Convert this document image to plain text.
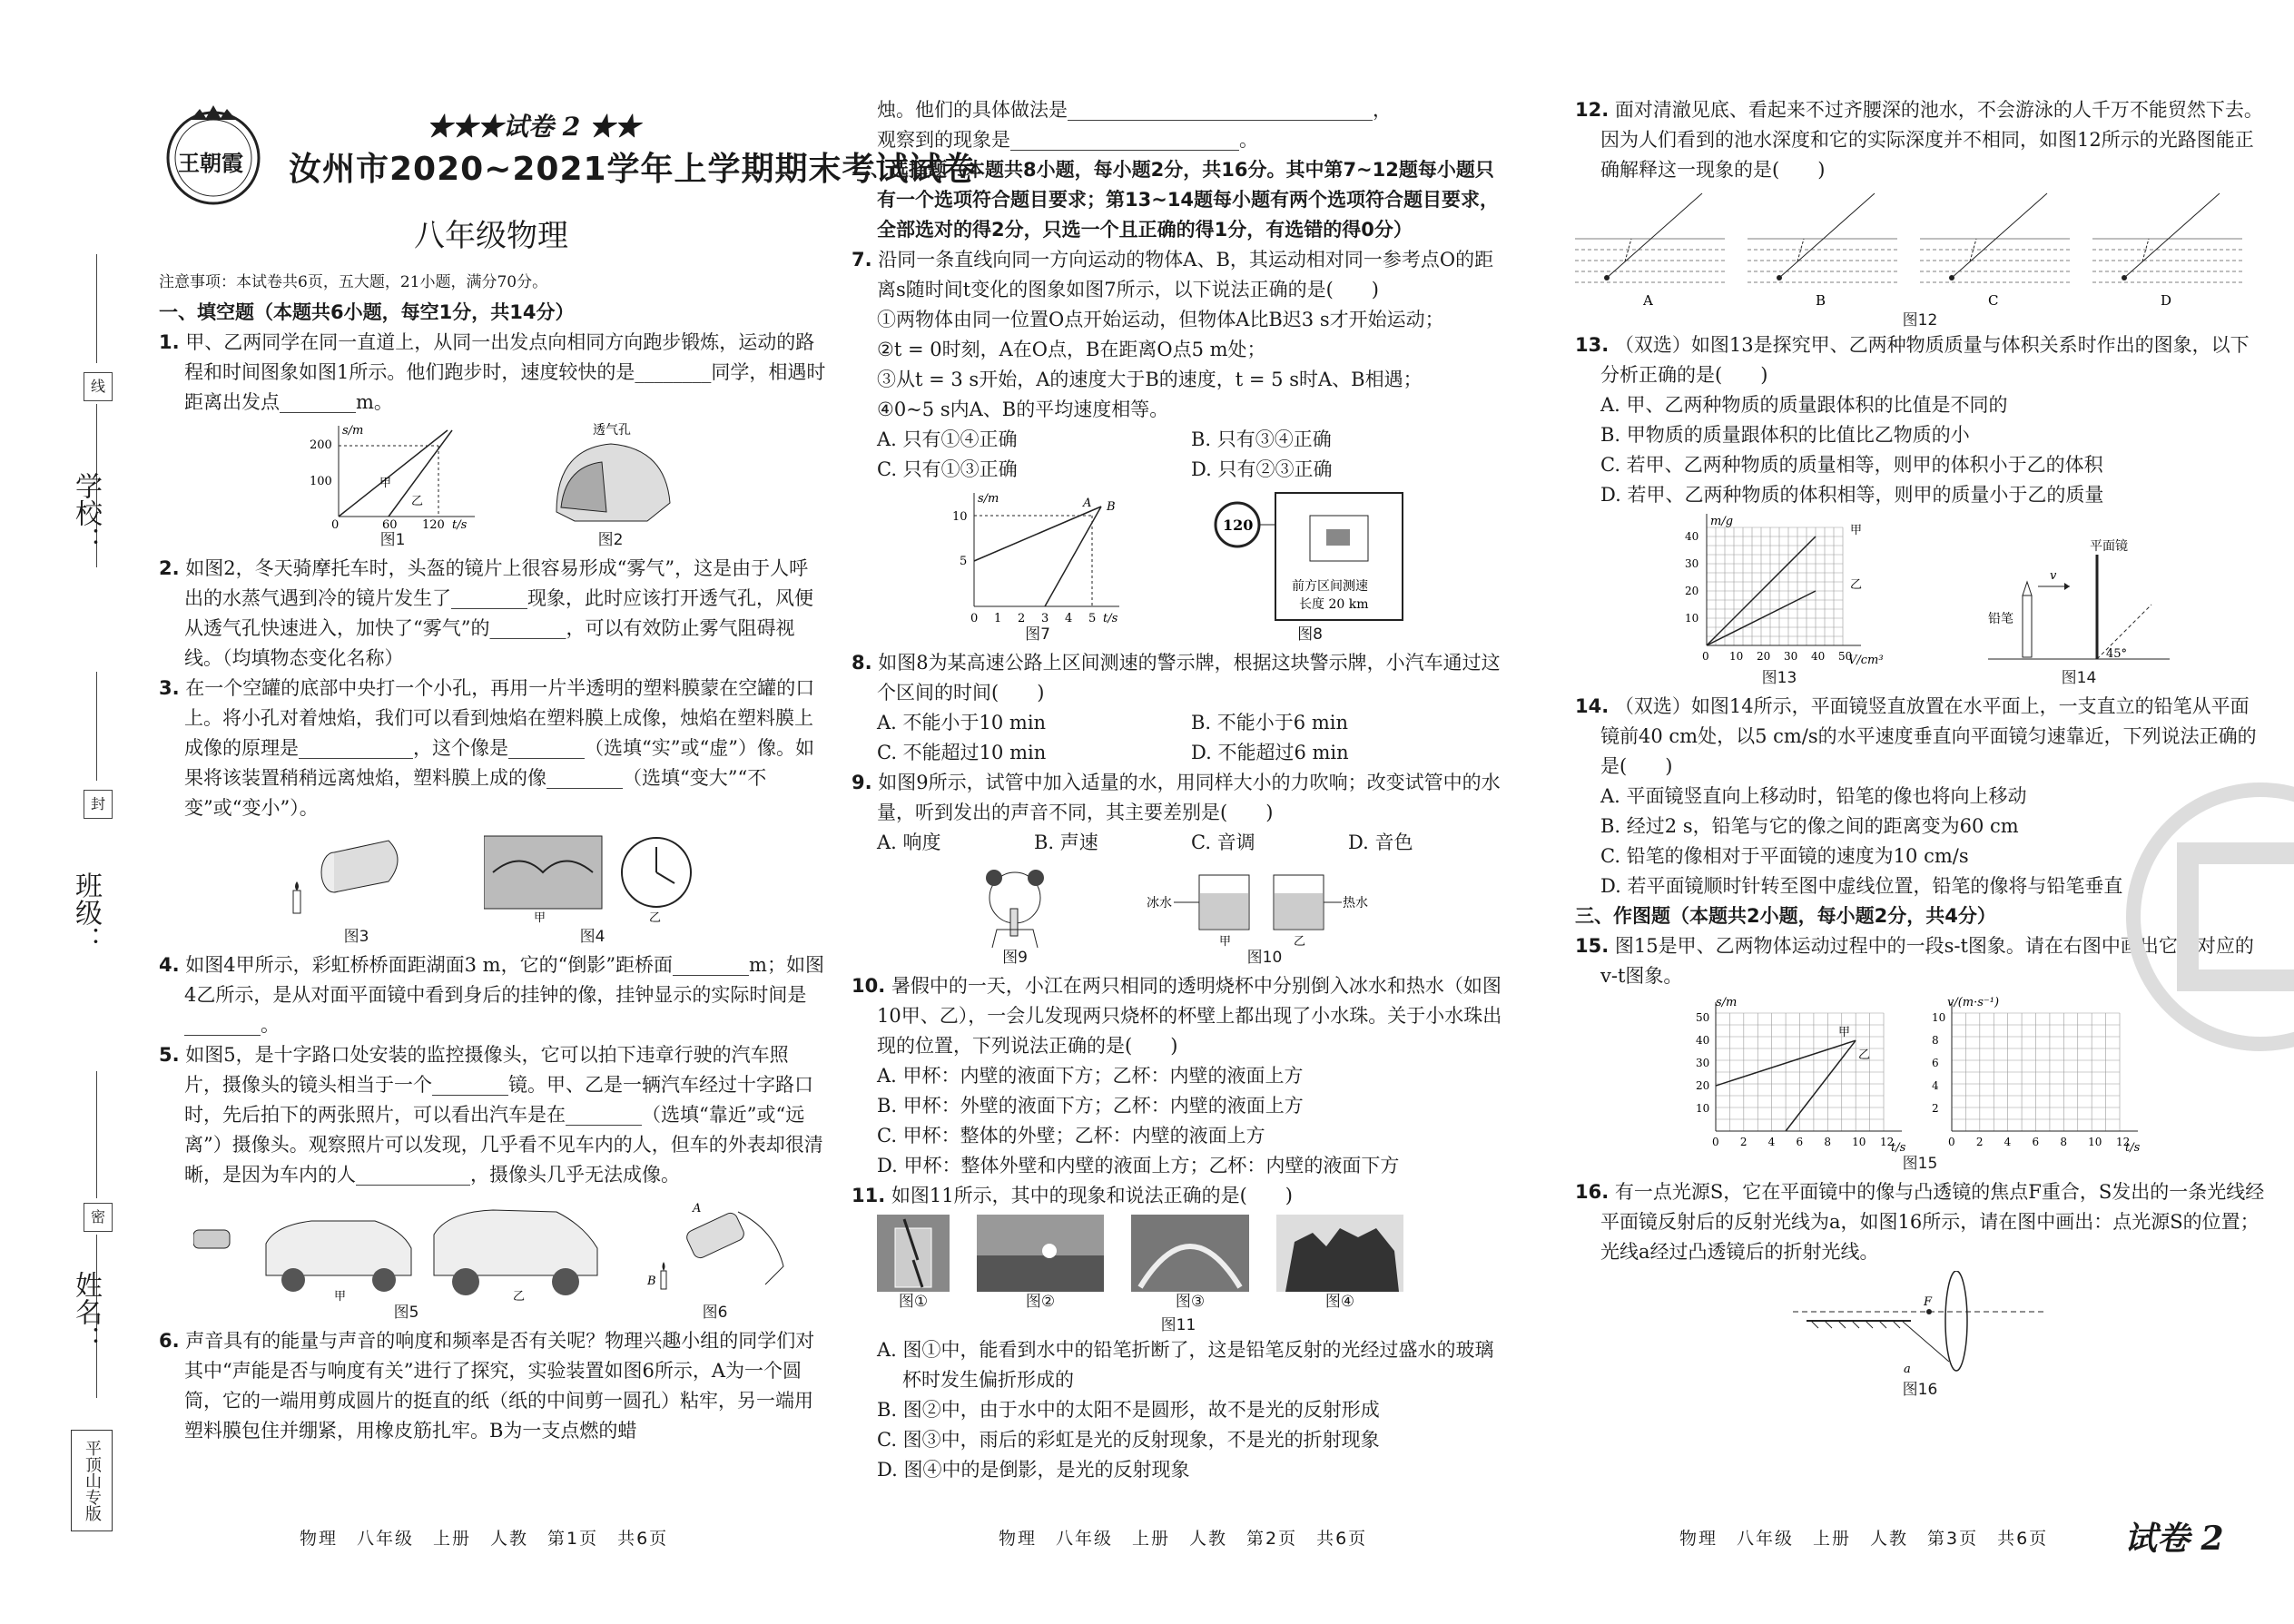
线
学校：
封
班级：
密
姓名：
平顶山专版
王朝霞
★★★试卷 2 ★★
汝州市2020~2021学年上学期期末考试试卷
八年级物理

注意事项：本试卷共6页，五大题，21小题，满分70分。

一、填空题（本题共6小题，每空1分，共14分）

1. 甲、乙两同学在同一直道上，从同一出发点向相同方向跑步锻炼，运动的路程和时间图象如图1所示。他们跑步时，速度较快的是________同学，相遇时距离出发点________m。

s/m
t/s
200
100
0	60 120
甲
乙
图1
透气孔
图2

2. 如图2，冬天骑摩托车时，头盔的镜片上很容易形成“雾气”，这是由于人呼出的水蒸气遇到冷的镜片发生了________现象，此时应该打开透气孔，风便从透气孔快速进入，加快了“雾气”的________，可以有效防止雾气阻碍视线。（均填物态变化名称）

3. 在一个空罐的底部中央打一个小孔，再用一片半透明的塑料膜蒙在空罐的口上。将小孔对着烛焰，我们可以看到烛焰在塑料膜上成像，烛焰在塑料膜上成像的原理是____________，这个像是________（选填“实”或“虚”）像。如果将该装置稍稍远离烛焰，塑料膜上成的像________（选填“变大”“不变”或“变小”）。

图3
甲	乙
图4

4. 如图4甲所示，彩虹桥桥面距湖面3 m，它的“倒影”距桥面________m；如图4乙所示，是从对面平面镜中看到身后的挂钟的像，挂钟显示的实际时间是________。

5. 如图5，是十字路口处安装的监控摄像头，它可以拍下违章行驶的汽车照片，摄像头的镜头相当于一个________镜。甲、乙是一辆汽车经过十字路口时，先后拍下的两张照片，可以看出汽车是在________（选填“靠近”或“远离”）摄像头。观察照片可以发现，几乎看不见车内的人，但车的外表却很清晰，是因为车内的人____________，摄像头几乎无法成像。

甲	乙
图5
A
B
图6

6. 声音具有的能量与声音的响度和频率是否有关呢？物理兴趣小组的同学们对其中“声能是否与响度有关”进行了探究，实验装置如图6所示，A为一个圆筒，它的一端用剪成圆片的挺直的纸（纸的中间剪一圆孔）粘牢，另一端用塑料膜包住并绷紧，用橡皮筋扎牢。B为一支点燃的蜡

烛。他们的具体做法是________________________________，

观察到的现象是________________________。

二、选择题（本题共8小题，每小题2分，共16分。其中第7~12题每小题只有一个选项符合题目要求；第13~14题每小题有两个选项符合题目要求，全部选对的得2分，只选一个且正确的得1分，有选错的得0分）

7. 沿同一条直线向同一方向运动的物体A、B，其运动相对同一参考点O的距离s随时间t变化的图象如图7所示，以下说法正确的是(　　)

①两物体由同一位置O点开始运动，但物体A比B迟3 s才开始运动；

②t = 0时刻，A在O点，B在距离O点5 m处；

③从t = 3 s开始，A的速度大于B的速度，t = 5 s时A、B相遇；

④0~5 s内A、B的平均速度相等。

A. 只有①④正确	B. 只有③④正确
C. 只有①③正确	D. 只有②③正确
s/m
t/s
10
5
0 1 2 3 4 5
A B
图7
120
前方区间测速
长度 20 km
图8

8. 如图8为某高速公路上区间测速的警示牌，根据这块警示牌，小汽车通过这个区间的时间(　　)

A. 不能小于10 min	B. 不能小于6 min
C. 不能超过10 min	D. 不能超过6 min

9. 如图9所示，试管中加入适量的水，用同样大小的力吹响；改变试管中的水量，听到发出的声音不同，其主要差别是(　　)

A. 响度	B. 声速	C. 音调	D. 音色
图9
冰水
甲
热水
乙
图10

10. 暑假中的一天，小江在两只相同的透明烧杯中分别倒入冰水和热水（如图10甲、乙），一会儿发现两只烧杯的杯壁上都出现了小水珠。关于小水珠出现的位置，下列说法正确的是(　　)

A. 甲杯：内壁的液面下方；乙杯：内壁的液面上方

B. 甲杯：外壁的液面下方；乙杯：内壁的液面上方

C. 甲杯：整体的外壁；乙杯：内壁的液面上方

D. 甲杯：整体外壁和内壁的液面上方；乙杯：内壁的液面下方

11. 如图11所示，其中的现象和说法正确的是(　　)

图①	图②	图③	图④
图11

A. 图①中，能看到水中的铅笔折断了，这是铅笔反射的光经过盛水的玻璃杯时发生偏折形成的

B. 图②中，由于水中的太阳不是圆形，故不是光的反射形成

C. 图③中，雨后的彩虹是光的反射现象，不是光的折射现象

D. 图④中的是倒影，是光的反射现象

12. 面对清澈见底、看起来不过齐腰深的池水，不会游泳的人千万不能贸然下去。因为人们看到的池水深度和它的实际深度并不相同，如图12所示的光路图能正确解释这一现象的是(　　)

A	B	C	D
图12

13. （双选）如图13是探究甲、乙两种物质质量与体积关系时作出的图象，以下分析正确的是(　　)

A. 甲、乙两种物质的质量跟体积的比值是不同的

B. 甲物质的质量跟体积的比值比乙物质的小

C. 若甲、乙两种物质的质量相等，则甲的体积小于乙的体积

D. 若甲、乙两种物质的体积相等，则甲的质量小于乙的质量

m/g
V/cm³
40
30
20
10
0 10 20 30 40 50
甲
乙
图13
平面镜
45°
铅笔
v
图14

14. （双选）如图14所示，平面镜竖直放置在水平面上，一支直立的铅笔从平面镜前40 cm处，以5 cm/s的水平速度垂直向平面镜匀速靠近，下列说法正确的是(　　)

A. 平面镜竖直向上移动时，铅笔的像也将向上移动

B. 经过2 s，铅笔与它的像之间的距离变为60 cm

C. 铅笔的像相对于平面镜的速度为10 cm/s

D. 若平面镜顺时针转至图中虚线位置，铅笔的像将与铅笔垂直

三、作图题（本题共2小题，每小题2分，共4分）

15. 图15是甲、乙两物体运动过程中的一段s-t图象。请在右图中画出它们对应的v-t图象。

s/m	v/(m·s⁻¹)
t/s	t/s
50
40
30
20
10
0 2 4 6 8 10 12
10
8
6
4
2
0 2 4 6 8 10 12
甲
乙
图15

16. 有一点光源S，它在平面镜中的像与凸透镜的焦点F重合，S发出的一条光线经平面镜反射后的反射光线为a，如图16所示，请在图中画出：点光源S的位置；光线a经过凸透镜后的折射光线。

F
a
图16
物理　八年级　上册　人教　第1页　共6页	物理　八年级　上册　人教　第2页　共6页	物理　八年级　上册　人教　第3页　共6页 试卷 2
